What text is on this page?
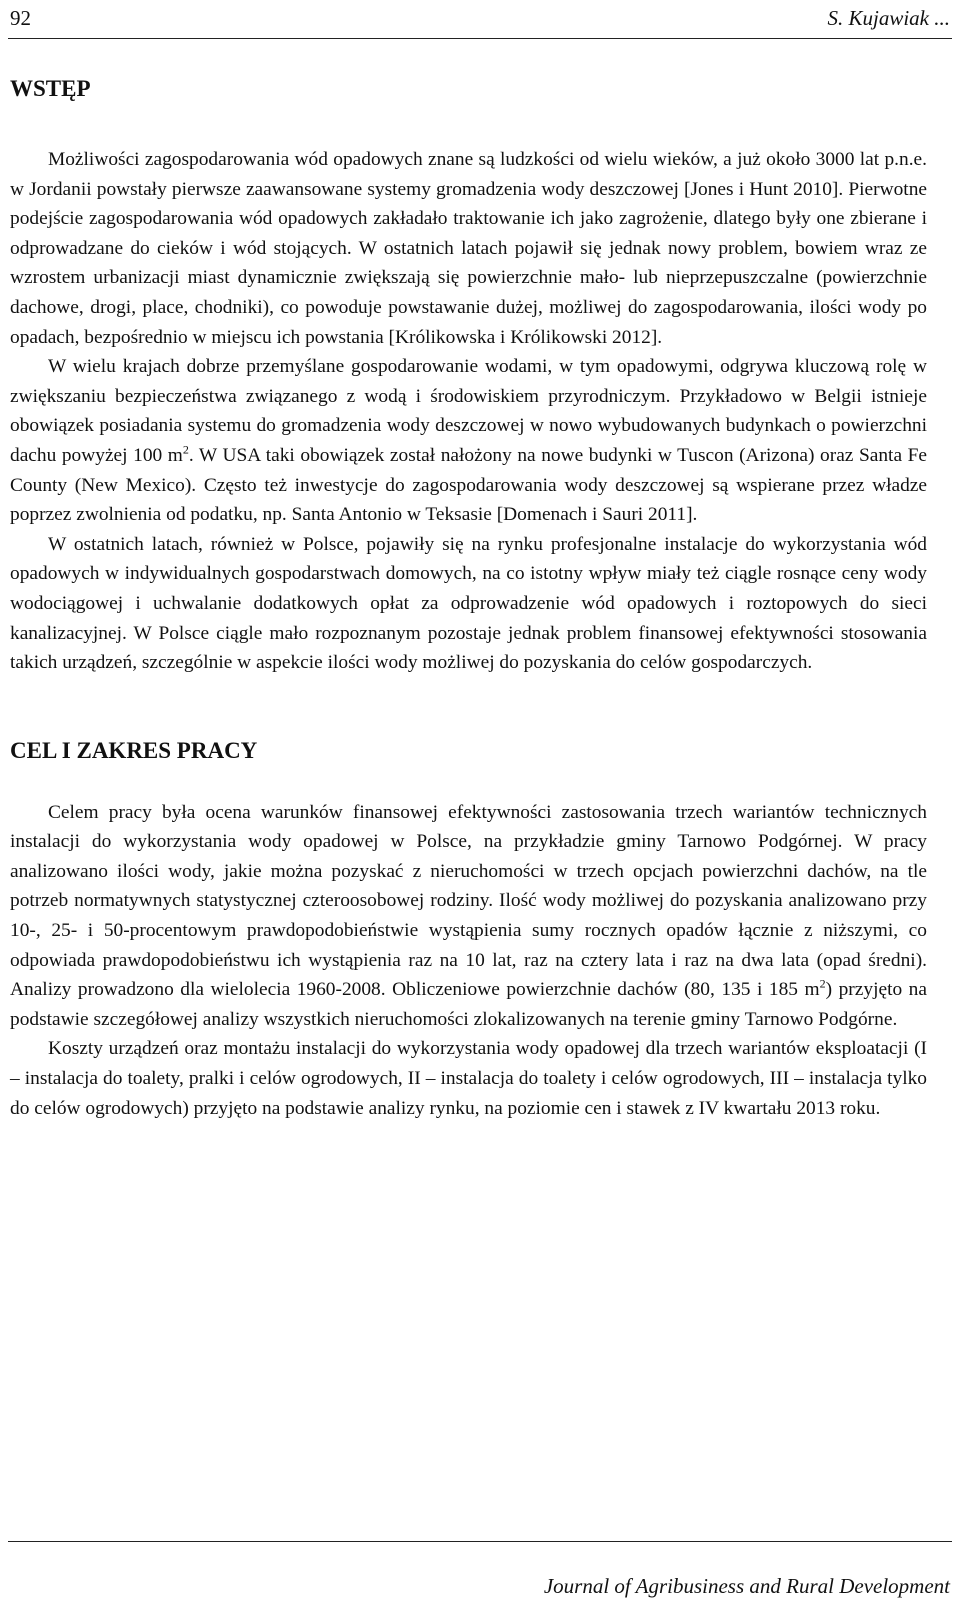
92	S. Kujawiak ...
WSTĘP

Możliwości zagospodarowania wód opadowych znane są ludzkości od wielu wieków, a już około 3000 lat p.n.e. w Jordanii powstały pierwsze zaawansowane systemy gromadzenia wody deszczowej [Jones i Hunt 2010]. Pierwotne podejście zagospodarowania wód opadowych zakładało traktowanie ich jako zagrożenie, dlatego były one zbierane i odprowadzane do cieków i wód stojących. W ostatnich latach pojawił się jednak nowy problem, bowiem wraz ze wzrostem urbanizacji miast dynamicznie zwiększają się powierzchnie mało- lub nieprzepuszczalne (powierzchnie dachowe, drogi, place, chodniki), co powoduje powstawanie dużej, możliwej do zagospodarowania, ilości wody po opadach, bezpośrednio w miejscu ich powstania [Królikowska i Królikowski 2012].

W wielu krajach dobrze przemyślane gospodarowanie wodami, w tym opadowymi, odgrywa kluczową rolę w zwiększaniu bezpieczeństwa związanego z wodą i środowiskiem przyrodniczym. Przykładowo w Belgii istnieje obowiązek posiadania systemu do gromadzenia wody deszczowej w nowo wybudowanych budynkach o powierzchni dachu powyżej 100 $m^2$. W USA taki obowiązek został nałożony na nowe budynki w Tuscon (Arizona) oraz Santa Fe County (New Mexico). Często też inwestycje do zagospodarowania wody deszczowej są wspierane przez władze poprzez zwolnienia od podatku, np. Santa Antonio w Teksasie [Domenach i Sauri 2011].

W ostatnich latach, również w Polsce, pojawiły się na rynku profesjonalne instalacje do wykorzystania wód opadowych w indywidualnych gospodarstwach domowych, na co istotny wpływ miały też ciągle rosnące ceny wody wodociągowej i uchwalanie dodatkowych opłat za odprowadzenie wód opadowych i roztopowych do sieci kanalizacyjnej. W Polsce ciągle mało rozpoznanym pozostaje jednak problem finansowej efektywności stosowania takich urządzeń, szczególnie w aspekcie ilości wody możliwej do pozyskania do celów gospodarczych.

CEL I ZAKRES PRACY

Celem pracy była ocena warunków finansowej efektywności zastosowania trzech wariantów technicznych instalacji do wykorzystania wody opadowej w Polsce, na przykładzie gminy Tarnowo Podgórnej. W pracy analizowano ilości wody, jakie można pozyskać z nieruchomości w trzech opcjach powierzchni dachów, na tle potrzeb normatywnych statystycznej czteroosobowej rodziny. Ilość wody możliwej do pozyskania analizowano przy 10-, 25- i 50-procentowym prawdopodobieństwie wystąpienia sumy rocznych opadów łącznie z niższymi, co odpowiada prawdopodobieństwu ich wystąpienia raz na 10 lat, raz na cztery lata i raz na dwa lata (opad średni). Analizy prowadzono dla wielolecia 1960-2008. Obliczeniowe powierzchnie dachów (80, 135 i 185 $m^2$) przyjęto na podstawie szczegółowej analizy wszystkich nieruchomości zlokalizowanych na terenie gminy Tarnowo Podgórne.

Koszty urządzeń oraz montażu instalacji do wykorzystania wody opadowej dla trzech wariantów eksploatacji (I – instalacja do toalety, pralki i celów ogrodowych, II – instalacja do toalety i celów ogrodowych, III – instalacja tylko do celów ogrodowych) przyjęto na podstawie analizy rynku, na poziomie cen i stawek z IV kwartału 2013 roku.

Journal of Agribusiness and Rural Development
